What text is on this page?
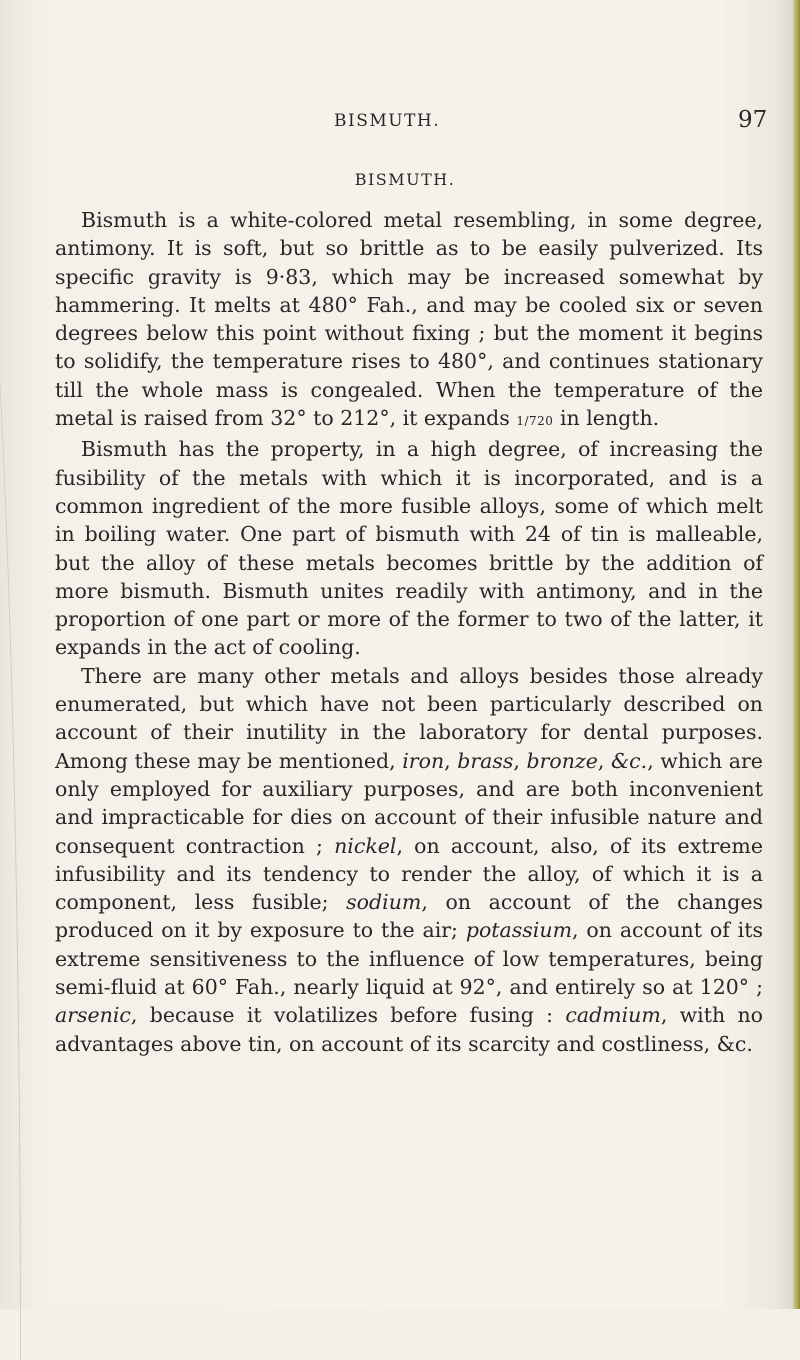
BISMUTH.	97
BISMUTH.

Bismuth is a white-colored metal resembling, in some degree, antimony. It is soft, but so brittle as to be easily pulverized. Its specific gravity is 9·83, which may be increased somewhat by hammering. It melts at 480° Fah., and may be cooled six or seven degrees below this point without fixing ; but the moment it begins to solidify, the temperature rises to 480°, and continues stationary till the whole mass is congealed. When the temperature of the metal is raised from 32° to 212°, it expands 1/720 in length.

Bismuth has the property, in a high degree, of increasing the fusibility of the metals with which it is incorporated, and is a common ingredient of the more fusible alloys, some of which melt in boiling water. One part of bismuth with 24 of tin is malleable, but the alloy of these metals becomes brittle by the addition of more bismuth. Bismuth unites readily with antimony, and in the proportion of one part or more of the former to two of the latter, it expands in the act of cooling.

There are many other metals and alloys besides those already enumerated, but which have not been particularly described on account of their inutility in the laboratory for dental purposes. Among these may be mentioned, iron, brass, bronze, &c., which are only employed for auxiliary purposes, and are both inconvenient and impracticable for dies on account of their infusible nature and consequent contraction ; nickel, on account, also, of its extreme infusibility and its tendency to render the alloy, of which it is a component, less fusible; sodium, on account of the changes produced on it by exposure to the air; potassium, on account of its extreme sensitiveness to the influence of low temperatures, being semi-fluid at 60° Fah., nearly liquid at 92°, and entirely so at 120° ; arsenic, because it volatilizes before fusing : cadmium, with no advantages above tin, on account of its scarcity and costliness, &c.
